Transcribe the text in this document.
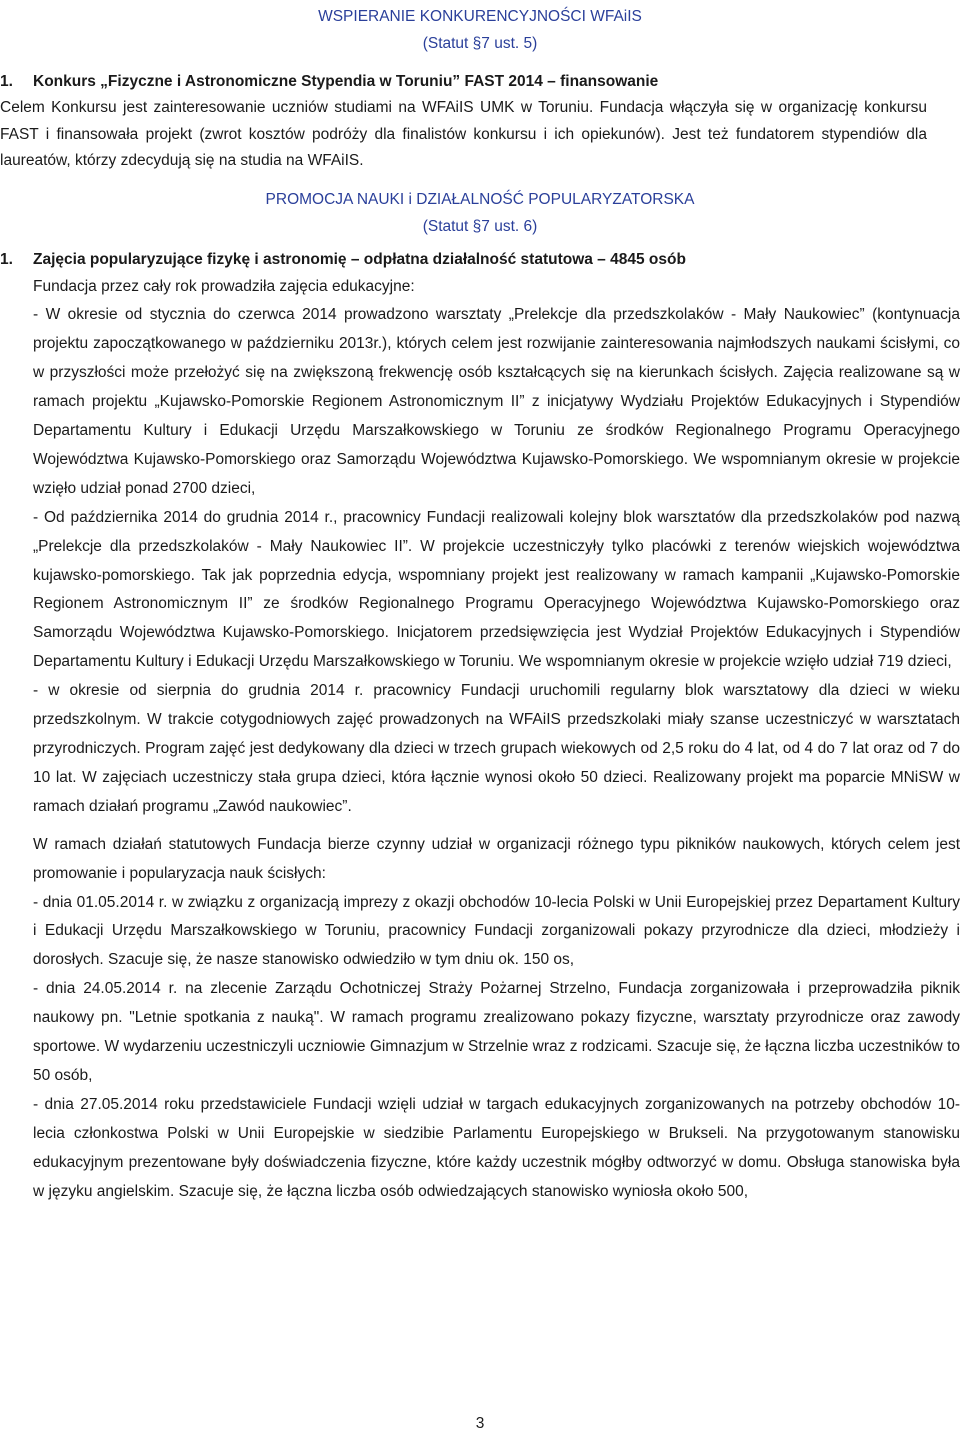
WSPIERANIE KONKURENCYJNOŚCI WFAiIS
(Statut §7 ust. 5)
1. Konkurs „Fizyczne i Astronomiczne Stypendia w Toruniu” FAST 2014 – finansowanie

Celem Konkursu jest zainteresowanie uczniów studiami na WFAiIS UMK w Toruniu. Fundacja włączyła się w organizację konkursu FAST i finansowała projekt (zwrot kosztów podróży dla finalistów konkursu i ich opiekunów). Jest też fundatorem stypendiów dla laureatów, którzy zdecydują się na studia na WFAiIS.

PROMOCJA NAUKI i DZIAŁALNOŚĆ POPULARYZATORSKA
(Statut §7 ust. 6)
1. Zajęcia popularyzujące fizykę i astronomię – odpłatna działalność statutowa – 4845 osób

Fundacja przez cały rok prowadziła zajęcia edukacyjne:

- W okresie od stycznia do czerwca 2014 prowadzono warsztaty „Prelekcje dla przedszkolaków - Mały Naukowiec” (kontynuacja projektu zapoczątkowanego w październiku 2013r.), których celem jest rozwijanie zainteresowania najmłodszych naukami ścisłymi, co w przyszłości może przełożyć się na zwiększoną frekwencję osób kształcących się na kierunkach ścisłych. Zajęcia realizowane są w ramach projektu „Kujawsko-Pomorskie Regionem Astronomicznym II” z inicjatywy Wydziału Projektów Edukacyjnych i Stypendiów Departamentu Kultury i Edukacji Urzędu Marszałkowskiego w Toruniu ze środków Regionalnego Programu Operacyjnego Województwa Kujawsko-Pomorskiego oraz Samorządu Województwa Kujawsko-Pomorskiego. We wspomnianym okresie w projekcie wzięło udział ponad 2700 dzieci,

- Od października 2014 do grudnia 2014 r., pracownicy Fundacji realizowali kolejny blok warsztatów dla przedszkolaków pod nazwą „Prelekcje dla przedszkolaków - Mały Naukowiec II”. W projekcie uczestniczyły tylko placówki z terenów wiejskich województwa kujawsko-pomorskiego. Tak jak poprzednia edycja, wspomniany projekt jest realizowany w ramach kampanii „Kujawsko-Pomorskie Regionem Astronomicznym II” ze środków Regionalnego Programu Operacyjnego Województwa Kujawsko-Pomorskiego oraz Samorządu Województwa Kujawsko-Pomorskiego. Inicjatorem przedsięwzięcia jest Wydział Projektów Edukacyjnych i Stypendiów Departamentu Kultury i Edukacji Urzędu Marszałkowskiego w Toruniu. We wspomnianym okresie w projekcie wzięło udział 719 dzieci,

- w okresie od sierpnia do grudnia 2014 r. pracownicy Fundacji uruchomili regularny blok warsztatowy dla dzieci w wieku przedszkolnym. W trakcie cotygodniowych zajęć prowadzonych na WFAiIS przedszkolaki miały szanse uczestniczyć w warsztatach przyrodniczych. Program zajęć jest dedykowany dla dzieci w trzech grupach wiekowych od 2,5 roku do 4 lat, od 4 do 7 lat oraz od 7 do 10 lat. W zajęciach uczestniczy stała grupa dzieci, która łącznie wynosi około 50 dzieci. Realizowany projekt ma poparcie MNiSW w ramach działań programu „Zawód naukowiec”.

W ramach działań statutowych Fundacja bierze czynny udział w organizacji różnego typu pikników naukowych, których celem jest promowanie i popularyzacja nauk ścisłych:

- dnia 01.05.2014 r. w związku z organizacją imprezy z okazji obchodów 10-lecia Polski w Unii Europejskiej przez Departament Kultury i Edukacji Urzędu Marszałkowskiego w Toruniu, pracownicy Fundacji zorganizowali pokazy przyrodnicze dla dzieci, młodzieży i dorosłych. Szacuje się, że nasze stanowisko odwiedziło w tym dniu ok. 150 os,

- dnia 24.05.2014 r. na zlecenie Zarządu Ochotniczej Straży Pożarnej Strzelno, Fundacja zorganizowała i przeprowadziła piknik naukowy pn. "Letnie spotkania z nauką". W ramach programu zrealizowano pokazy fizyczne, warsztaty przyrodnicze oraz zawody sportowe. W wydarzeniu uczestniczyli uczniowie Gimnazjum w Strzelnie wraz z rodzicami. Szacuje się, że łączna liczba uczestników to 50 osób,

- dnia 27.05.2014 roku przedstawiciele Fundacji wzięli udział w targach edukacyjnych zorganizowanych na potrzeby obchodów 10-lecia członkostwa Polski w Unii Europejskie w siedzibie Parlamentu Europejskiego w Brukseli. Na przygotowanym stanowisku edukacyjnym prezentowane były doświadczenia fizyczne, które każdy uczestnik mógłby odtworzyć w domu. Obsługa stanowiska była w języku angielskim. Szacuje się, że łączna liczba osób odwiedzających stanowisko wyniosła około 500,

3
